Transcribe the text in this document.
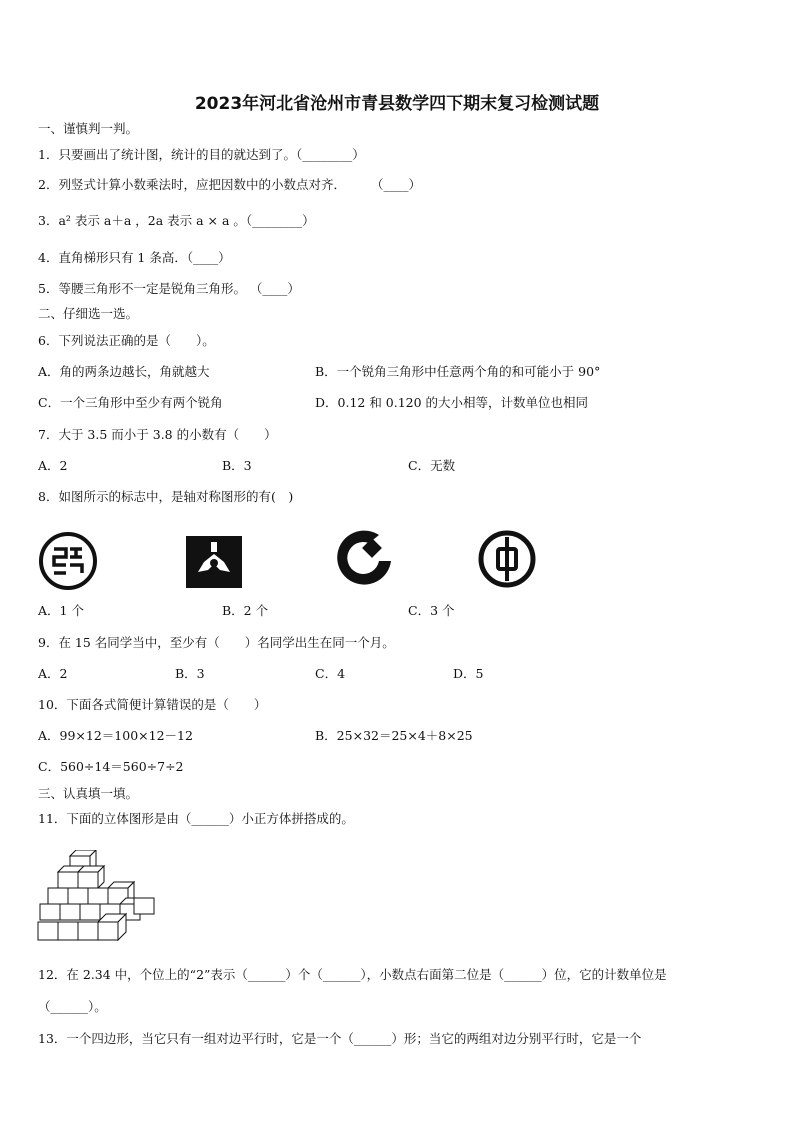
2023年河北省沧州市青县数学四下期末复习检测试题
一、谨慎判一判。
1．只要画出了统计图，统计的目的就达到了。（________）
2．列竖式计算小数乘法时，应把因数中的小数点对齐．　　　（____）
3．a² 表示 a＋a ，2a 表示 a × a 。（________）
4．直角梯形只有 1 条高．（____）
5．等腰三角形不一定是锐角三角形。 （____）
二、仔细选一选。
6．下列说法正确的是（　　）。
A．角的两条边越长，角就越大	B．一个锐角三角形中任意两个角的和可能小于 90°
C．一个三角形中至少有两个锐角	D．0.12 和 0.120 的大小相等，计数单位也相同
7．大于 3.5 而小于 3.8 的小数有（　　）
A．2	B．3	C．无数
8．如图所示的标志中，是轴对称图形的有(　)
A．1 个	B．2 个	C．3 个
9．在 15 名同学当中，至少有（　　）名同学出生在同一个月。
A．2	B．3	C．4	D．5
10．下面各式简便计算错误的是（　　）
A．99×12＝100×12－12	B．25×32＝25×4＋8×25
C．560÷14＝560÷7÷2
三、认真填一填。
11．下面的立体图形是由（______）小正方体拼搭成的。
12．在 2.34 中，个位上的“2”表示（______）个（______），小数点右面第二位是（______）位，它的计数单位是
（______）。
13．一个四边形，当它只有一组对边平行时，它是一个（______）形；当它的两组对边分别平行时，它是一个
